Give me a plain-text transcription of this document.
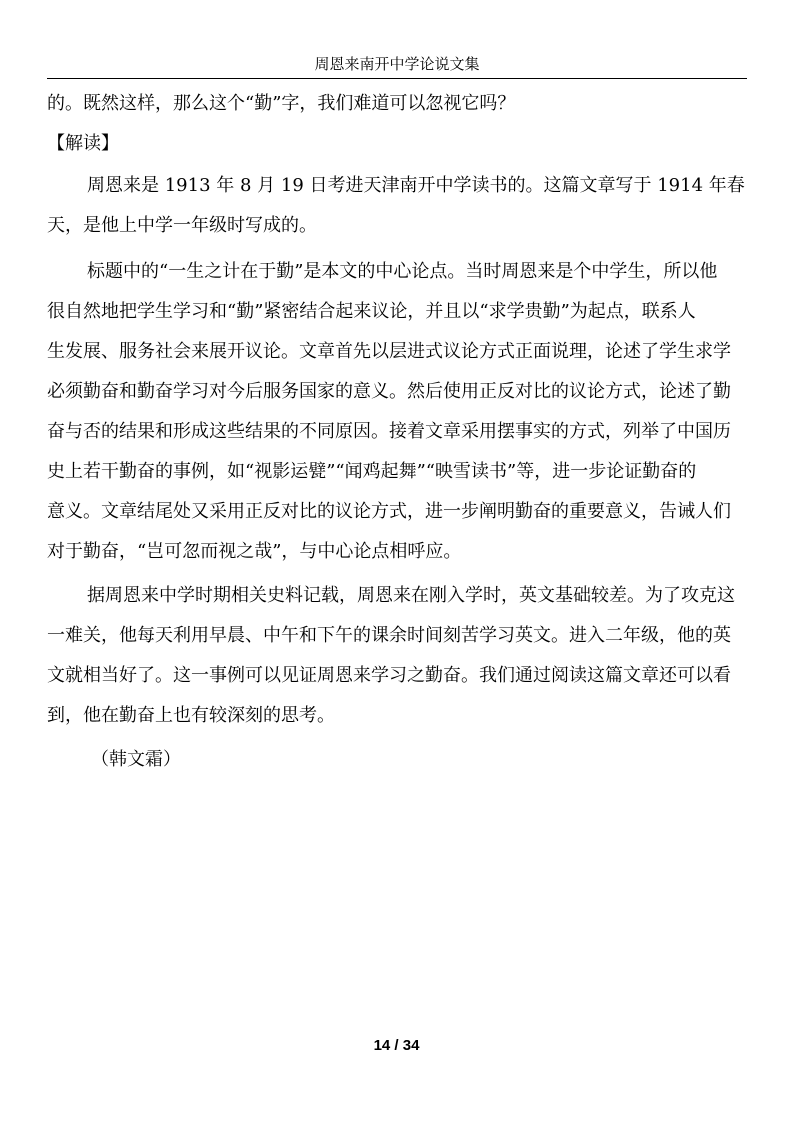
周恩来南开中学论说文集
的。既然这样，那么这个“勤”字，我们难道可以忽视它吗？
【解读】
周恩来是 1913 年 8 月 19 日考进天津南开中学读书的。这篇文章写于 1914 年春
天，是他上中学一年级时写成的。
标题中的“一生之计在于勤”是本文的中心论点。当时周恩来是个中学生，所以他
很自然地把学生学习和“勤”紧密结合起来议论，并且以“求学贵勤”为起点，联系人
生发展、服务社会来展开议论。文章首先以层进式议论方式正面说理，论述了学生求学
必须勤奋和勤奋学习对今后服务国家的意义。然后使用正反对比的议论方式，论述了勤
奋与否的结果和形成这些结果的不同原因。接着文章采用摆事实的方式，列举了中国历
史上若干勤奋的事例，如“视影运甓”“闻鸡起舞”“映雪读书”等，进一步论证勤奋的
意义。文章结尾处又采用正反对比的议论方式，进一步阐明勤奋的重要意义，告诫人们
对于勤奋，“岂可忽而视之哉”，与中心论点相呼应。
据周恩来中学时期相关史料记载，周恩来在刚入学时，英文基础较差。为了攻克这
一难关，他每天利用早晨、中午和下午的课余时间刻苦学习英文。进入二年级，他的英
文就相当好了。这一事例可以见证周恩来学习之勤奋。我们通过阅读这篇文章还可以看
到，他在勤奋上也有较深刻的思考。
（韩文霜）
14 / 34
